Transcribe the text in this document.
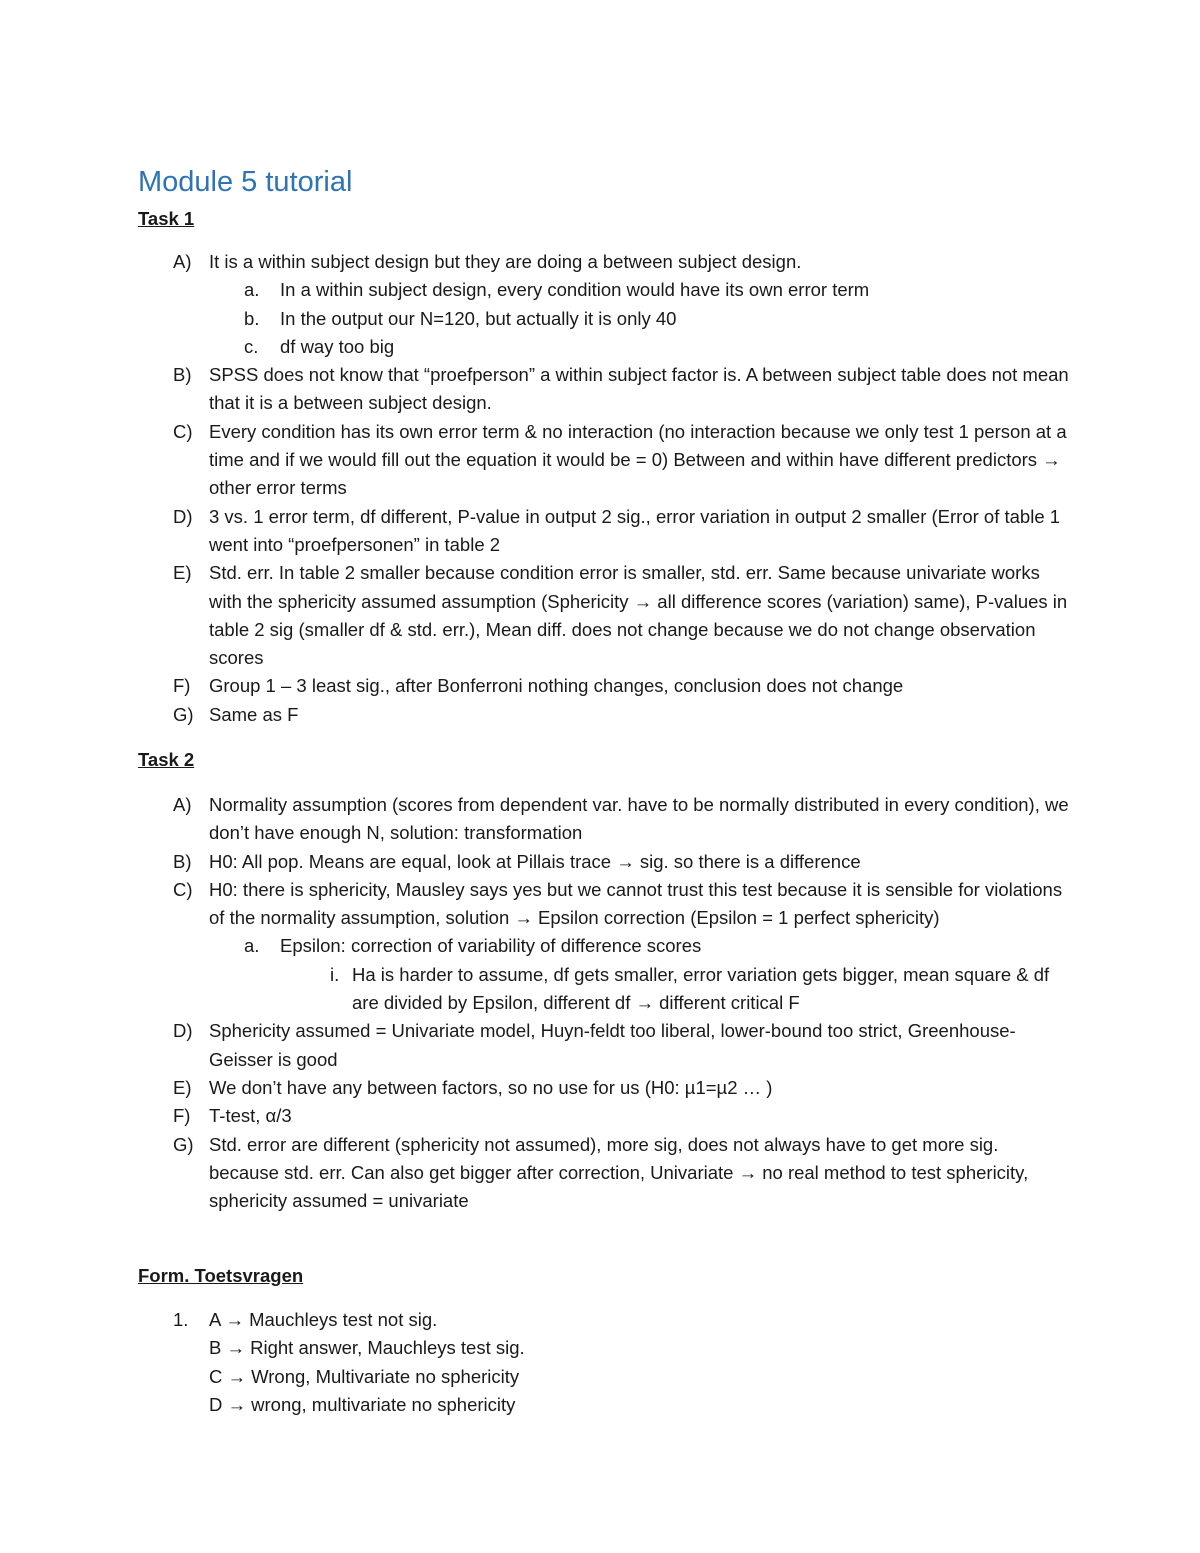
Module 5 tutorial
Task 1
A) It is a within subject design but they are doing a between subject design.
a. In a within subject design, every condition would have its own error term
b. In the output our N=120, but actually it is only 40
c. df way too big
B) SPSS does not know that “proefperson” a within subject factor is. A between subject table does not mean that it is a between subject design.
C) Every condition has its own error term & no interaction (no interaction because we only test 1 person at a time and if we would fill out the equation it would be = 0) Between and within have different predictors → other error terms
D) 3 vs. 1 error term, df different, P-value in output 2 sig., error variation in output 2 smaller (Error of table 1 went into “proefpersonen” in table 2
E) Std. err. In table 2 smaller because condition error is smaller, std. err. Same because univariate works with the sphericity assumed assumption (Sphericity → all difference scores (variation) same), P-values in table 2 sig (smaller df & std. err.), Mean diff. does not change because we do not change observation scores
F) Group 1 – 3 least sig., after Bonferroni nothing changes, conclusion does not change
G) Same as F
Task 2
A) Normality assumption (scores from dependent var. have to be normally distributed in every condition), we don’t have enough N, solution: transformation
B) H0: All pop. Means are equal, look at Pillais trace → sig. so there is a difference
C) H0: there is sphericity, Mausley says yes but we cannot trust this test because it is sensible for violations of the normality assumption, solution → Epsilon correction (Epsilon = 1 perfect sphericity)
a. Epsilon: correction of variability of difference scores
i. Ha is harder to assume, df gets smaller, error variation gets bigger, mean square & df are divided by Epsilon, different df → different critical F
D) Sphericity assumed = Univariate model, Huyn-feldt too liberal, lower-bound too strict, Greenhouse-Geisser is good
E) We don’t have any between factors, so no use for us (H0: µ1=µ2 … )
F) T-test, α/3
G) Std. error are different (sphericity not assumed), more sig, does not always have to get more sig. because std. err. Can also get bigger after correction, Univariate → no real method to test sphericity, sphericity assumed = univariate
Form. Toetsvragen
1. A → Mauchleys test not sig.
B → Right answer, Mauchleys test sig.
C → Wrong, Multivariate no sphericity
D → wrong, multivariate no sphericity
